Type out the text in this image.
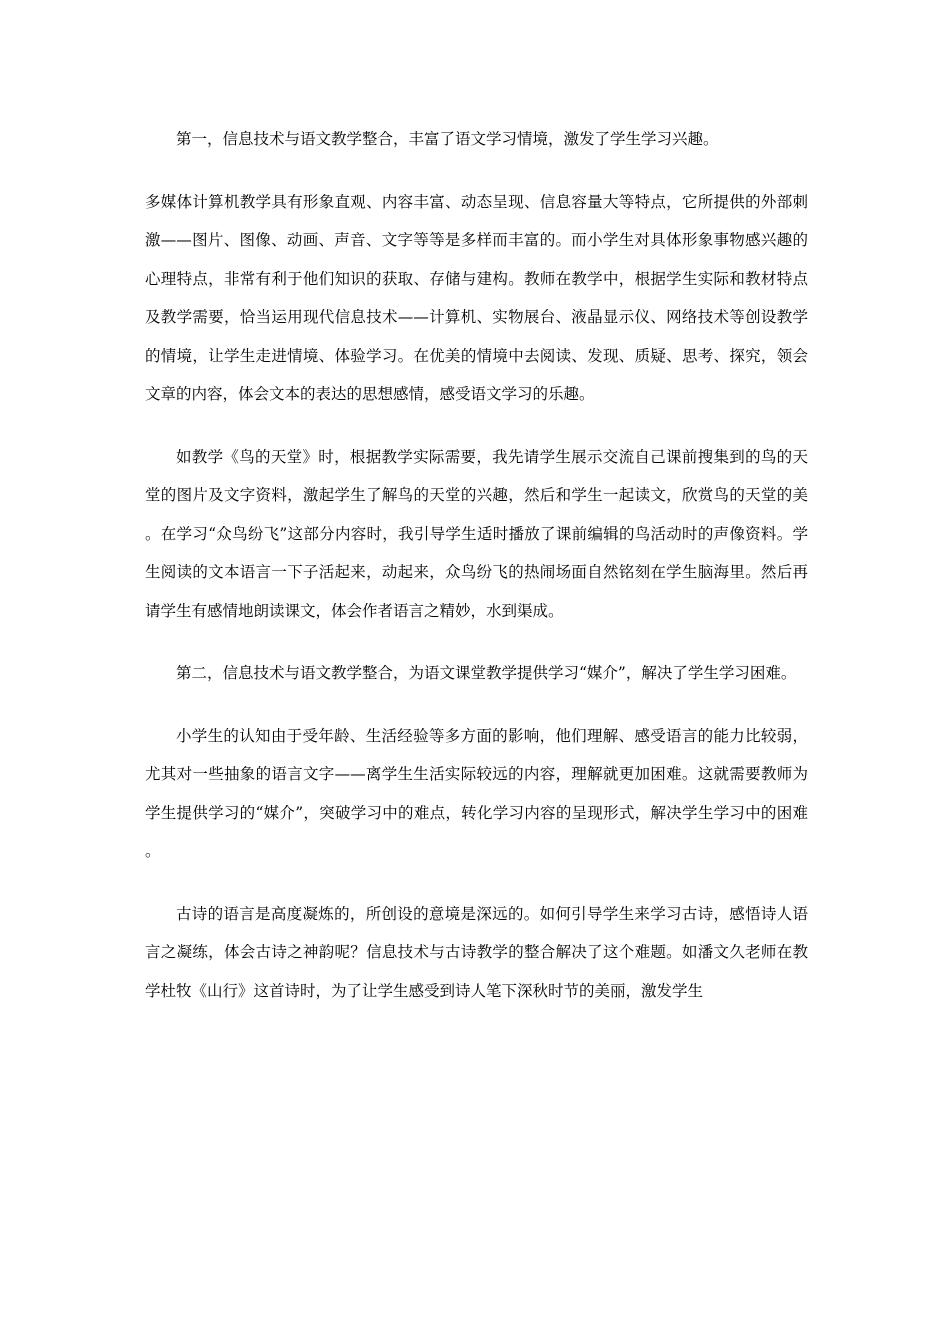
第一，信息技术与语文教学整合，丰富了语文学习情境，激发了学生学习兴趣。

多媒体计算机教学具有形象直观、内容丰富、动态呈现、信息容量大等特点，它所提供的外部刺激——图片、图像、动画、声音、文字等等是多样而丰富的。而小学生对具体形象事物感兴趣的心理特点，非常有利于他们知识的获取、存储与建构。教师在教学中，根据学生实际和教材特点及教学需要，恰当运用现代信息技术——计算机、实物展台、液晶显示仪、网络技术等创设教学的情境，让学生走进情境、体验学习。在优美的情境中去阅读、发现、质疑、思考、探究，领会文章的内容，体会文本的表达的思想感情，感受语文学习的乐趣。

如教学《鸟的天堂》时，根据教学实际需要，我先请学生展示交流自己课前搜集到的鸟的天堂的图片及文字资料，激起学生了解鸟的天堂的兴趣，然后和学生一起读文，欣赏鸟的天堂的美。在学习“众鸟纷飞”这部分内容时，我引导学生适时播放了课前编辑的鸟活动时的声像资料。学生阅读的文本语言一下子活起来，动起来，众鸟纷飞的热闹场面自然铭刻在学生脑海里。然后再请学生有感情地朗读课文，体会作者语言之精妙，水到渠成。

第二，信息技术与语文教学整合，为语文课堂教学提供学习“媒介”，解决了学生学习困难。

小学生的认知由于受年龄、生活经验等多方面的影响，他们理解、感受语言的能力比较弱，尤其对一些抽象的语言文字——离学生生活实际较远的内容，理解就更加困难。这就需要教师为学生提供学习的“媒介”，突破学习中的难点，转化学习内容的呈现形式，解决学生学习中的困难。

古诗的语言是高度凝炼的，所创设的意境是深远的。如何引导学生来学习古诗，感悟诗人语言之凝练，体会古诗之神韵呢？信息技术与古诗教学的整合解决了这个难题。如潘文久老师在教学杜牧《山行》这首诗时，为了让学生感受到诗人笔下深秋时节的美丽，激发学生
